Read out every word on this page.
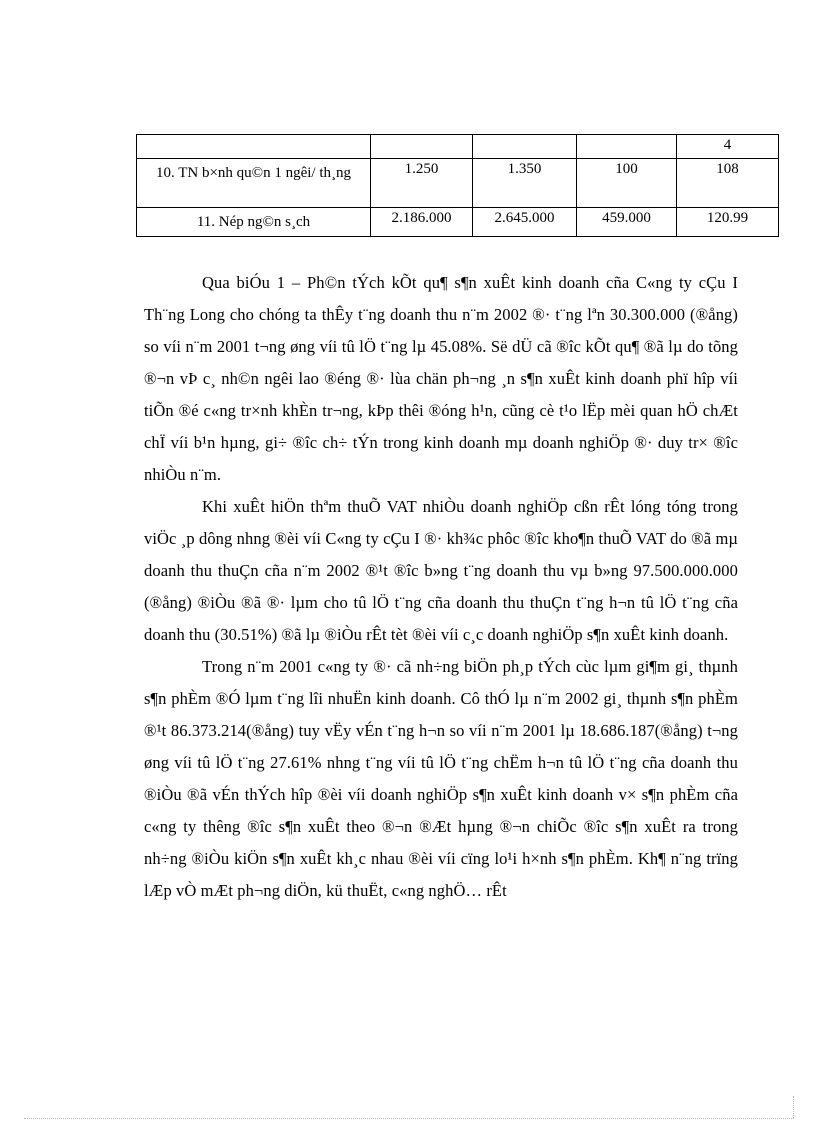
				4
10. TN b×nh qu©n 1 ngêi/ th¸ng	1.250	1.350	100	108
11. Nép ng©n s¸ch	2.186.000	2.645.000	459.000	120.99

Qua biÓu 1 – Ph©n tÝch kÕt qu¶ s¶n xuÊt kinh doanh cña C«ng ty cÇu I Th¨ng Long cho chóng ta thÊy t¨ng doanh thu n¨m 2002 ®· t¨ng lªn 30.300.000 (®ång) so víi n¨m 2001 t¬ng øng víi tû lÖ t¨ng lµ 45.08%. Së dÜ cã ®îc kÕt qu¶ ®ã lµ do tõng ®¬n vÞ c¸ nh©n ngêi lao ®éng ®· lùa chän ph¬ng ¸n s¶n xuÊt kinh doanh phï hîp víi tiÕn ®é c«ng tr×nh khÈn tr¬ng, kÞp thêi ®óng h¹n, cũng cè t¹o lËp mèi quan hÖ chÆt chÏ víi b¹n hµng, gi÷ ®îc ch÷ tÝn trong kinh doanh mµ doanh nghiÖp ®· duy tr× ®îc nhiÒu n¨m.

Khi xuÊt hiÖn thªm thuÕ VAT nhiÒu doanh nghiÖp cßn rÊt lóng tóng trong viÖc ¸p dông nhng ®èi víi C«ng ty cÇu I ®· kh¾c phôc ®îc kho¶n thuÕ VAT do ®ã mµ doanh thu thuÇn cña n¨m 2002 ®¹t ®îc b»ng t¨ng doanh thu vµ b»ng 97.500.000.000 (®ång) ®iÒu ®ã ®· lµm cho tû lÖ t¨ng cña doanh thu thuÇn t¨ng h¬n tû lÖ t¨ng cña doanh thu (30.51%) ®ã lµ ®iÒu rÊt tèt ®èi víi c¸c doanh nghiÖp s¶n xuÊt kinh doanh.

Trong n¨m 2001 c«ng ty ®· cã nh÷ng biÖn ph¸p tÝch cùc lµm gi¶m gi¸ thµnh s¶n phÈm ®Ó lµm t¨ng lîi nhuËn kinh doanh. Cô thÓ lµ n¨m 2002 gi¸ thµnh s¶n phÈm ®¹t 86.373.214(®ång) tuy vËy vÉn t¨ng h¬n so víi n¨m 2001 lµ 18.686.187(®ång) t¬ng øng víi tû lÖ t¨ng 27.61% nhng t¨ng víi tû lÖ t¨ng chËm h¬n tû lÖ t¨ng cña doanh thu ®iÒu ®ã vÉn thÝch hîp ®èi víi doanh nghiÖp s¶n xuÊt kinh doanh v× s¶n phÈm cña c«ng ty thêng ®îc s¶n xuÊt theo ®¬n ®Æt hµng ®¬n chiÕc ®îc s¶n xuÊt ra trong nh÷ng ®iÒu kiÖn s¶n xuÊt kh¸c nhau ®èi víi cïng lo¹i h×nh s¶n phÈm. Kh¶ n¨ng trïng lÆp vÒ mÆt ph¬ng diÖn, kü thuËt, c«ng nghÖ… rÊt
